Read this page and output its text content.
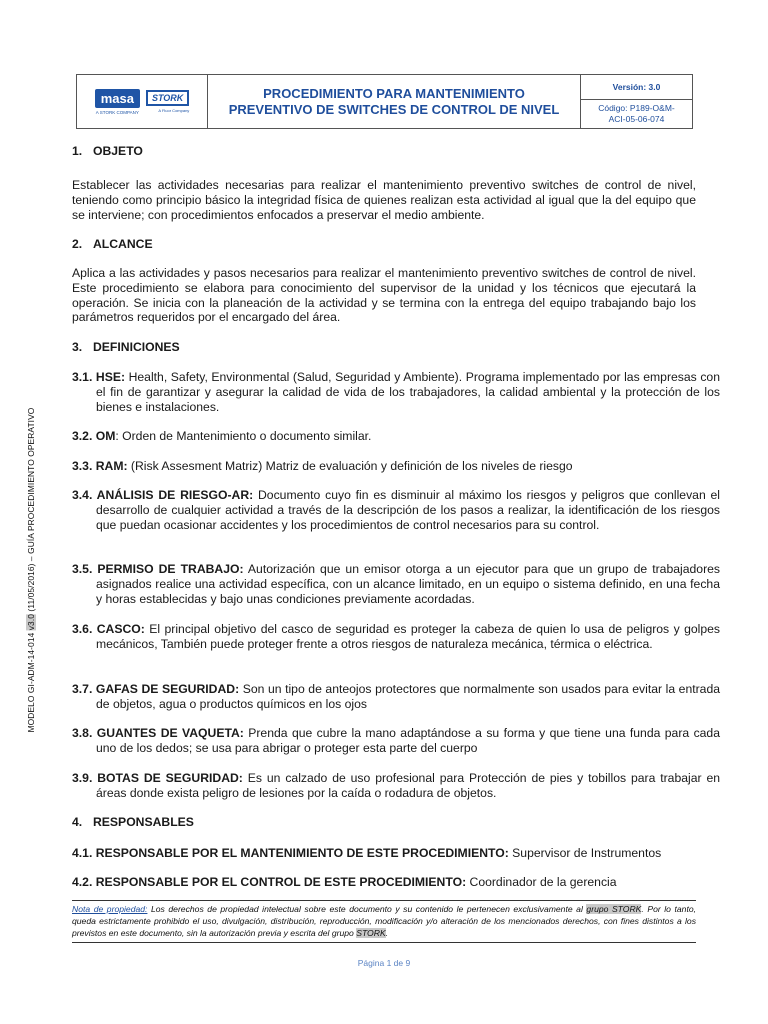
MODELO GI-ADM-14-014 v3.0 (11/05/2016) – GUÍA PROCEDIMIENTO OPERATIVO
masa
A STORK COMPANY
STORK
A Fluor Company
PROCEDIMIENTO PARA MANTENIMIENTO
PREVENTIVO DE SWITCHES DE CONTROL DE NIVEL
Versión: 3.0
Código: P189-O&M-
ACI-05-06-074

1. OBJETO

Establecer las actividades necesarias para realizar el mantenimiento preventivo switches de control de nivel, teniendo como principio básico la integridad física de quienes realizan esta actividad al igual que la del equipo que se interviene; con procedimientos enfocados a preservar el medio ambiente.

2. ALCANCE

Aplica a las actividades y pasos necesarios para realizar el mantenimiento preventivo switches de control de nivel. Este procedimiento se elabora para conocimiento del supervisor de la unidad y los técnicos que ejecutará la operación. Se inicia con la planeación de la actividad y se termina con la entrega del equipo trabajando bajo los parámetros requeridos por el encargado del área.

3. DEFINICIONES

3.1. HSE: Health, Safety, Environmental (Salud, Seguridad y Ambiente). Programa implementado por las empresas con el fin de garantizar y asegurar la calidad de vida de los trabajadores, la calidad ambiental y la protección de los bienes e instalaciones.

3.2. OM: Orden de Mantenimiento o documento similar.

3.3. RAM: (Risk Assesment Matriz) Matriz de evaluación y definición de los niveles de riesgo

3.4. ANÁLISIS DE RIESGO-AR: Documento cuyo fin es disminuir al máximo los riesgos y peligros que conllevan el desarrollo de cualquier actividad a través de la descripción de los pasos a realizar, la identificación de los riesgos que puedan ocasionar accidentes y los procedimientos de control necesarios para su control.

3.5. PERMISO DE TRABAJO: Autorización que un emisor otorga a un ejecutor para que un grupo de trabajadores asignados realice una actividad específica, con un alcance limitado, en un equipo o sistema definido, en una fecha y horas establecidas y bajo unas condiciones previamente acordadas.

3.6. CASCO: El principal objetivo del casco de seguridad es proteger la cabeza de quien lo usa de peligros y golpes mecánicos, También puede proteger frente a otros riesgos de naturaleza mecánica, térmica o eléctrica.

3.7. GAFAS DE SEGURIDAD: Son un tipo de anteojos protectores que normalmente son usados para evitar la entrada de objetos, agua o productos químicos en los ojos

3.8. GUANTES DE VAQUETA: Prenda que cubre la mano adaptándose a su forma y que tiene una funda para cada uno de los dedos; se usa para abrigar o proteger esta parte del cuerpo

3.9. BOTAS DE SEGURIDAD: Es un calzado de uso profesional para Protección de pies y tobillos para trabajar en áreas donde exista peligro de lesiones por la caída o rodadura de objetos.

4. RESPONSABLES

4.1. RESPONSABLE POR EL MANTENIMIENTO DE ESTE PROCEDIMIENTO: Supervisor de Instrumentos

4.2. RESPONSABLE POR EL CONTROL DE ESTE PROCEDIMIENTO: Coordinador de la gerencia

Nota de propiedad: Los derechos de propiedad intelectual sobre este documento y su contenido le pertenecen exclusivamente al grupo STORK. Por lo tanto, queda estrictamente prohibido el uso, divulgación, distribución, reproducción, modificación y/o alteración de los mencionados derechos, con fines distintos a los previstos en este documento, sin la autorización previa y escrita del grupo STORK.
Página 1 de 9
